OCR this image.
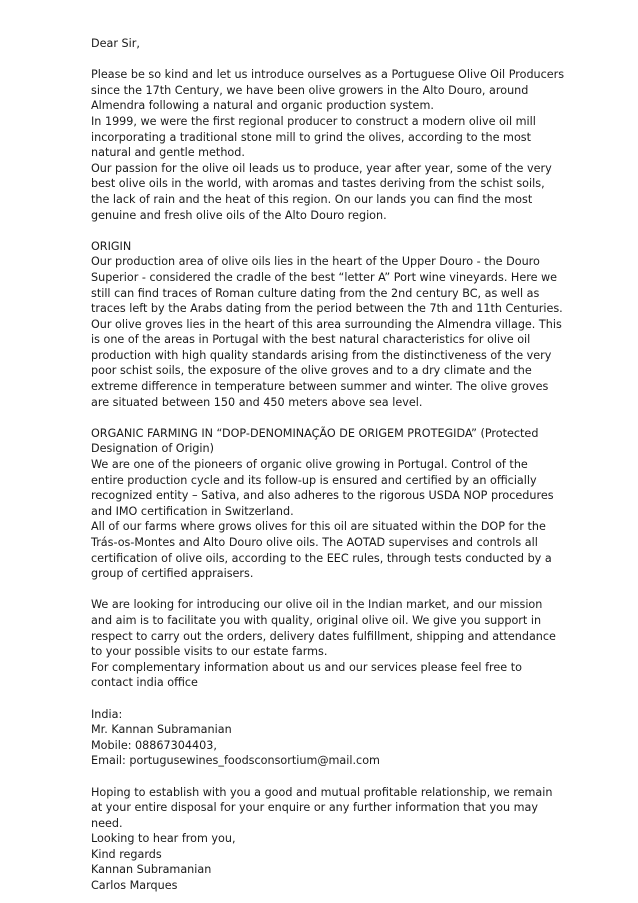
Dear Sir,

Please be so kind and let us introduce ourselves as a Portuguese Olive Oil Producers
since the 17th Century, we have been olive growers in the Alto Douro, around
Almendra following a natural and organic production system.
In 1999, we were the first regional producer to construct a modern olive oil mill
incorporating a traditional stone mill to grind the olives, according to the most
natural and gentle method.
Our passion for the olive oil leads us to produce, year after year, some of the very
best olive oils in the world, with aromas and tastes deriving from the schist soils,
the lack of rain and the heat of this region. On our lands you can find the most
genuine and fresh olive oils of the Alto Douro region.

ORIGIN
Our production area of olive oils lies in the heart of the Upper Douro - the Douro
Superior - considered the cradle of the best “letter A” Port wine vineyards. Here we
still can find traces of Roman culture dating from the 2nd century BC, as well as
traces left by the Arabs dating from the period between the 7th and 11th Centuries.
Our olive groves lies in the heart of this area surrounding the Almendra village. This
is one of the areas in Portugal with the best natural characteristics for olive oil
production with high quality standards arising from the distinctiveness of the very
poor schist soils, the exposure of the olive groves and to a dry climate and the
extreme difference in temperature between summer and winter. The olive groves
are situated between 150 and 450 meters above sea level.

ORGANIC FARMING IN “DOP-DENOMINAÇÃO DE ORIGEM PROTEGIDA” (Protected
Designation of Origin)
We are one of the pioneers of organic olive growing in Portugal. Control of the
entire production cycle and its follow-up is ensured and certified by an officially
recognized entity – Sativa, and also adheres to the rigorous USDA NOP procedures
and IMO certification in Switzerland.
All of our farms where grows olives for this oil are situated within the DOP for the
Trás-os-Montes and Alto Douro olive oils. The AOTAD supervises and controls all
certification of olive oils, according to the EEC rules, through tests conducted by a
group of certified appraisers.

We are looking for introducing our olive oil in the Indian market, and our mission
and aim is to facilitate you with quality, original olive oil. We give you support in
respect to carry out the orders, delivery dates fulfillment, shipping and attendance
to your possible visits to our estate farms.
For complementary information about us and our services please feel free to
contact india office

India:
Mr. Kannan Subramanian
Mobile: 08867304403,
Email: portugusewines_foodsconsortium@mail.com

Hoping to establish with you a good and mutual profitable relationship, we remain
at your entire disposal for your enquire or any further information that you may
need.
Looking to hear from you,
Kind regards
Kannan Subramanian
Carlos Marques
